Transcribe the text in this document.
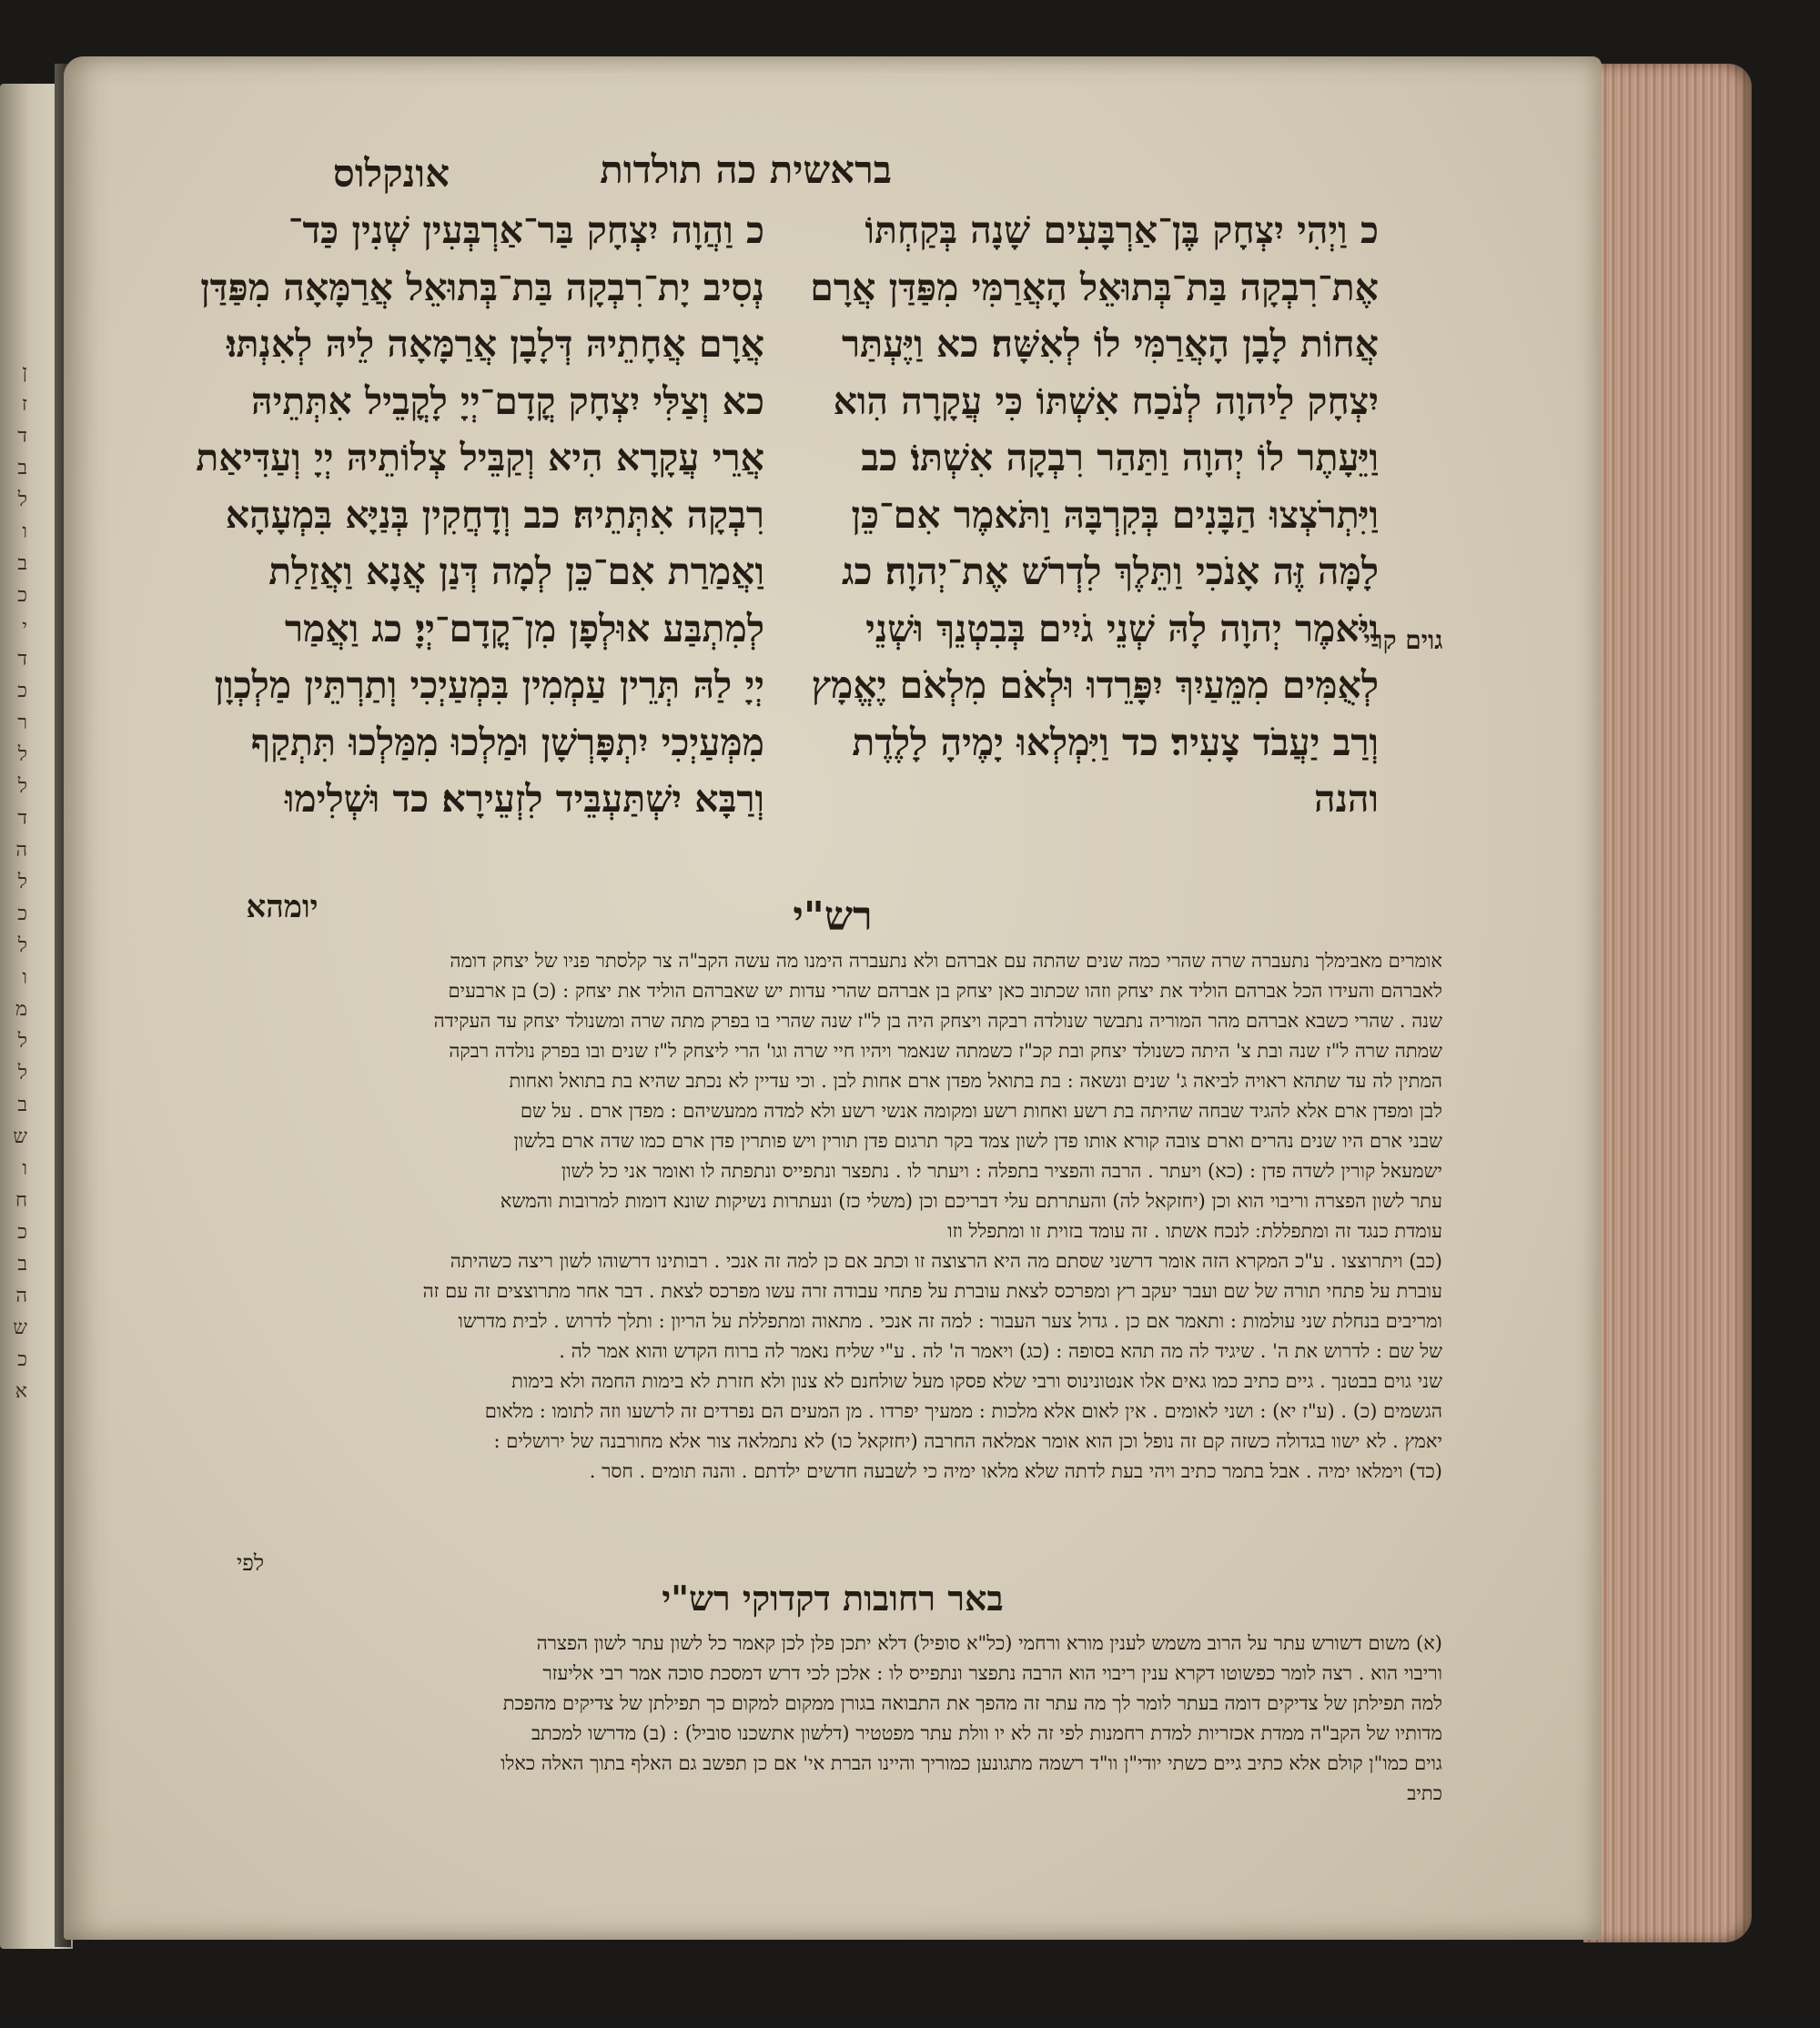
ן
ז
ד
ב
ל
ו
ב
כ
י
ד
כ
ר
ל
ל
ד
ה
ל
כ
ל
ו
מ
ל
ל
ב
ש
ו
ח
כ
ב
ה
ש
כ
א
בראשית כה תולדות
אונקלוס
כ וַיְהִי יִצְחָק בֶּן־אַרְבָּעִים שָׁנָה בְּקַחְתּוֹ
אֶת־רִבְקָה בַּת־בְּתוּאֵל הָאֲרַמִּי מִפַּדַּן אֲרָם
אֲחוֹת לָבָן הָאֲרַמִּי לוֹ לְאִשָּׁה׃ כא וַיֶּעְתַּר
יִצְחָק לַיהוָה לְנֹכַח אִשְׁתּוֹ כִּי עֲקָרָה הִוא
וַיֵּעָתֶר לוֹ יְהוָה וַתַּהַר רִבְקָה אִשְׁתּוֹ׃ כב
וַיִּתְרֹצְצוּ הַבָּנִים בְּקִרְבָּהּ וַתֹּאמֶר אִם־כֵּן
לָמָּה זֶּה אָנֹכִי וַתֵּלֶךְ לִדְרֹשׁ אֶת־יְהוָה׃ כג
וַיֹּאמֶר יְהוָה לָהּ שְׁנֵי גֹיִים בְּבִטְנֵךְ וּשְׁנֵי
לְאֻמִּים מִמֵּעַיִךְ יִפָּרֵדוּ וּלְאֹם מִלְאֹם יֶאֱמָץ
וְרַב יַעֲבֹד צָעִיר׃ כד וַיִּמְלְאוּ יָמֶיהָ לָלֶדֶת
והנה
גוים קרי
כ וַהֲוָה יִצְחָק בַּר־אַרְבְּעִין שְׁנִין כַּד־
נְסִיב יָת־רִבְקָה בַּת־בְּתוּאֵל אֲרַמָּאָה מִפַּדַּן
אֲרָם אֲחָתֵיהּ דְּלָבָן אֲרַמָּאָה לֵיהּ לְאִנְתּוּ׃
כא וְצַלִּי יִצְחָק קֳדָם־יְיָ לָקֳבֵיל אִתְּתֵיהּ
אֲרֵי עֲקָרָא הִיא וְקַבֵּיל צְלוֹתֵיהּ יְיָ וְעַדִּיאַת
רִבְקָה אִתְּתֵיהּ׃ כב וְדָחֲקִין בְּנַיָּא בִּמְעָהָא
וַאֲמַרַת אִם־כֵּן לְמָה דְּנַן אֲנָא וַאֲזַלַת
לְמִתְבַּע אוּלְפָן מִן־קֳדָם־יְיָ׃ כג וַאֲמַר
יְיָ לַהּ תְּרֵין עַמְמִין בִּמְעַיְכִי וְתַרְתֵּין מַלְכְוָן
מִמְּעַיְכִי יִתְפָּרְשָׁן וּמַלְכוּ מִמַּלְכוּ תִּתְקַף
וְרַבָּא יִשְׁתַּעְבֵּיד לִזְעֵירָא׃ כד וּשְׁלִימוּ
יומהא	רש"י
אומרים מאבימלך נתעברה שרה שהרי כמה שנים שהתה עם אברהם ולא נתעברה הימנו מה עשה הקב"ה צר קלסתר פניו של יצחק דומה
לאברהם והעידו הכל אברהם הוליד את יצחק וזהו שכתוב כאן יצחק בן אברהם שהרי עדות יש שאברהם הוליד את יצחק : (כ) בן ארבעים
שנה . שהרי כשבא אברהם מהר המוריה נתבשר שנולדה רבקה ויצחק היה בן ל"ז שנה שהרי בו בפרק מתה שרה ומשנולד יצחק עד העקידה
שמתה שרה ל"ז שנה ובת צ' היתה כשנולד יצחק ובת קכ"ז כשמתה שנאמר ויהיו חיי שרה וגו' הרי ליצחק ל"ז שנים ובו בפרק נולדה רבקה
המתין לה עד שתהא ראויה לביאה ג' שנים ונשאה : בת בתואל מפדן ארם אחות לבן . וכי עדיין לא נכתב שהיא בת בתואל ואחות
לבן ומפדן ארם אלא להגיד שבחה שהיתה בת רשע ואחות רשע ומקומה אנשי רשע ולא למדה ממעשיהם : מפדן ארם . על שם
שבני ארם היו שנים נהרים וארם צובה קורא אותו פדן לשון צמד בקר תרגום פדן תורין ויש פותרין פדן ארם כמו שדה ארם בלשון
ישמעאל קורין לשדה פדן : (כא) ויעתר . הרבה והפציר בתפלה : ויעתר לו . נתפצר ונתפייס ונתפתה לו ואומר אני כל לשון
עתר לשון הפצרה וריבוי הוא וכן (יחזקאל לה) והעתרתם עלי דבריכם וכן (משלי כז) ונעתרות נשיקות שונא דומות למרובות והמשא
עומדת כנגד זה ומתפללת ׃ לנכח אשתו . זה עומד בזוית זו ומתפלל וזו
(כב) ויתרוצצו . ע"כ המקרא הזה אומר דרשני שסתם מה היא הרצוצה זו וכתב אם כן למה זה אנכי . רבותינו דרשוהו לשון ריצה כשהיתה
עוברת על פתחי תורה של שם ועבר יעקב רץ ומפרכס לצאת עוברת על פתחי עבודה זרה עשו מפרכס לצאת . דבר אחר מתרוצצים זה עם זה
ומריבים בנחלת שני עולמות : ותאמר אם כן . גדול צער העבור : למה זה אנכי . מתאוה ומתפללת על הריון : ותלך לדרוש . לבית מדרשו
של שם : לדרוש את ה' . שיגיד לה מה תהא בסופה : (כג) ויאמר ה' לה . ע"י שליח נאמר לה ברוח הקדש והוא אמר לה .
שני גוים בבטנך . גיים כתיב כמו גאים אלו אנטונינוס ורבי שלא פסקו מעל שולחנם לא צנון ולא חזרת לא בימות החמה ולא בימות
הגשמים (כ) . (ע"ז יא) : ושני לאומים . אין לאום אלא מלכות : ממעיך יפרדו . מן המעים הם נפרדים זה לרשעו וזה לתומו : מלאום
יאמץ . לא ישוו בגדולה כשזה קם זה נופל וכן הוא אומר אמלאה החרבה (יחזקאל כו) לא נתמלאה צור אלא מחורבנה של ירושלים :
(כד) וימלאו ימיה . אבל בתמר כתיב ויהי בעת לדתה שלא מלאו ימיה כי לשבעה חדשים ילדתם . והנה תומים . חסר .
לפי
באר רחובות דקדוקי רש"י
(א) משום דשורש עתר על הרוב משמש לענין מורא ורחמי (כל"א סופיל) דלא יתכן פלן לכן קאמר כל לשון עתר לשון הפצרה
וריבוי הוא . רצה לומר כפשוטו דקרא ענין ריבוי הוא הרבה נתפצר ונתפייס לו : אלכן לכי דרש דמסכת סוכה אמר רבי אליעזר
למה תפילתן של צדיקים דומה בעתר לומר לך מה עתר זה מהפך את התבואה בגורן ממקום למקום כך תפילתן של צדיקים מהפכת
מדותיו של הקב"ה ממדת אכזריות למדת רחמנות לפי זה לא יו וולת עתר מפטטיר (דלשון אתשכנו סוביל) : (ב) מדרשו למכתב
גוים כמו"ן קולם אלא כתיב גיים כשתי יודי"ן וו"ד רשמה מתגונען כמוריך והיינו הברת אי' אם כן תפשב גם האלף בתוך האלה כאלו
כתיב
